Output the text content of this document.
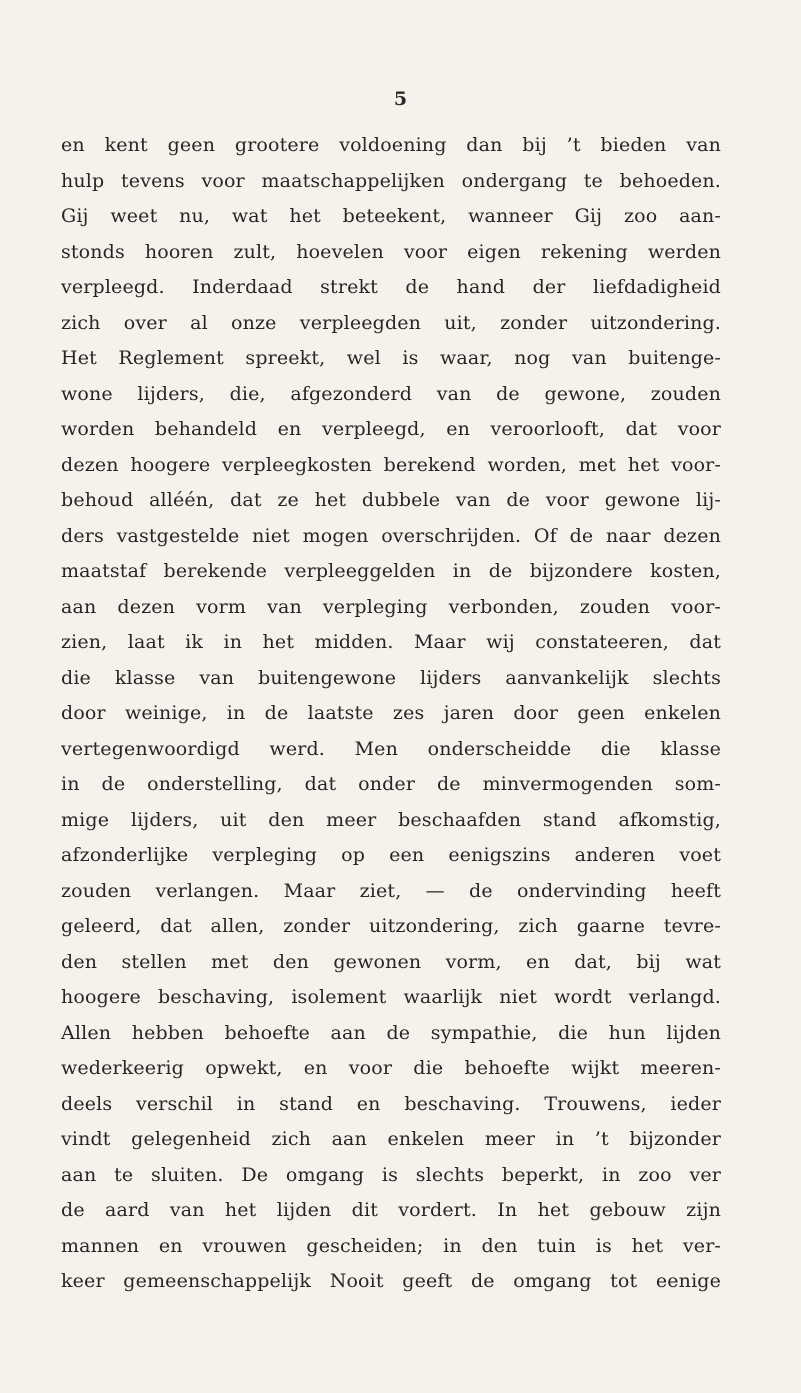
5
en kent geen grootere voldoening dan bij ’t bieden van
hulp tevens voor maatschappelijken ondergang te behoeden.
Gij weet nu, wat het beteekent, wanneer Gij zoo aan-
stonds hooren zult, hoevelen voor eigen rekening werden
verpleegd. Inderdaad strekt de hand der liefdadigheid
zich over al onze verpleegden uit, zonder uitzondering.
Het Reglement spreekt, wel is waar, nog van buitenge-
wone lijders, die, afgezonderd van de gewone, zouden
worden behandeld en verpleegd, en veroorlooft, dat voor
dezen hoogere verpleegkosten berekend worden, met het voor-
behoud alléén, dat ze het dubbele van de voor gewone lij-
ders vastgestelde niet mogen overschrijden. Of de naar dezen
maatstaf berekende verpleeggelden in de bijzondere kosten,
aan dezen vorm van verpleging verbonden, zouden voor-
zien, laat ik in het midden. Maar wij constateeren, dat
die klasse van buitengewone lijders aanvankelijk slechts
door weinige, in de laatste zes jaren door geen enkelen
vertegenwoordigd werd. Men onderscheidde die klasse
in de onderstelling, dat onder de minvermogenden som-
mige lijders, uit den meer beschaafden stand afkomstig,
afzonderlijke verpleging op een eenigszins anderen voet
zouden verlangen. Maar ziet, — de ondervinding heeft
geleerd, dat allen, zonder uitzondering, zich gaarne tevre-
den stellen met den gewonen vorm, en dat, bij wat
hoogere beschaving, isolement waarlijk niet wordt verlangd.
Allen hebben behoefte aan de sympathie, die hun lijden
wederkeerig opwekt, en voor die behoefte wijkt meeren-
deels verschil in stand en beschaving. Trouwens, ieder
vindt gelegenheid zich aan enkelen meer in ’t bijzonder
aan te sluiten. De omgang is slechts beperkt, in zoo ver
de aard van het lijden dit vordert. In het gebouw zijn
mannen en vrouwen gescheiden; in den tuin is het ver-
keer gemeenschappelijk Nooit geeft de omgang tot eenige
